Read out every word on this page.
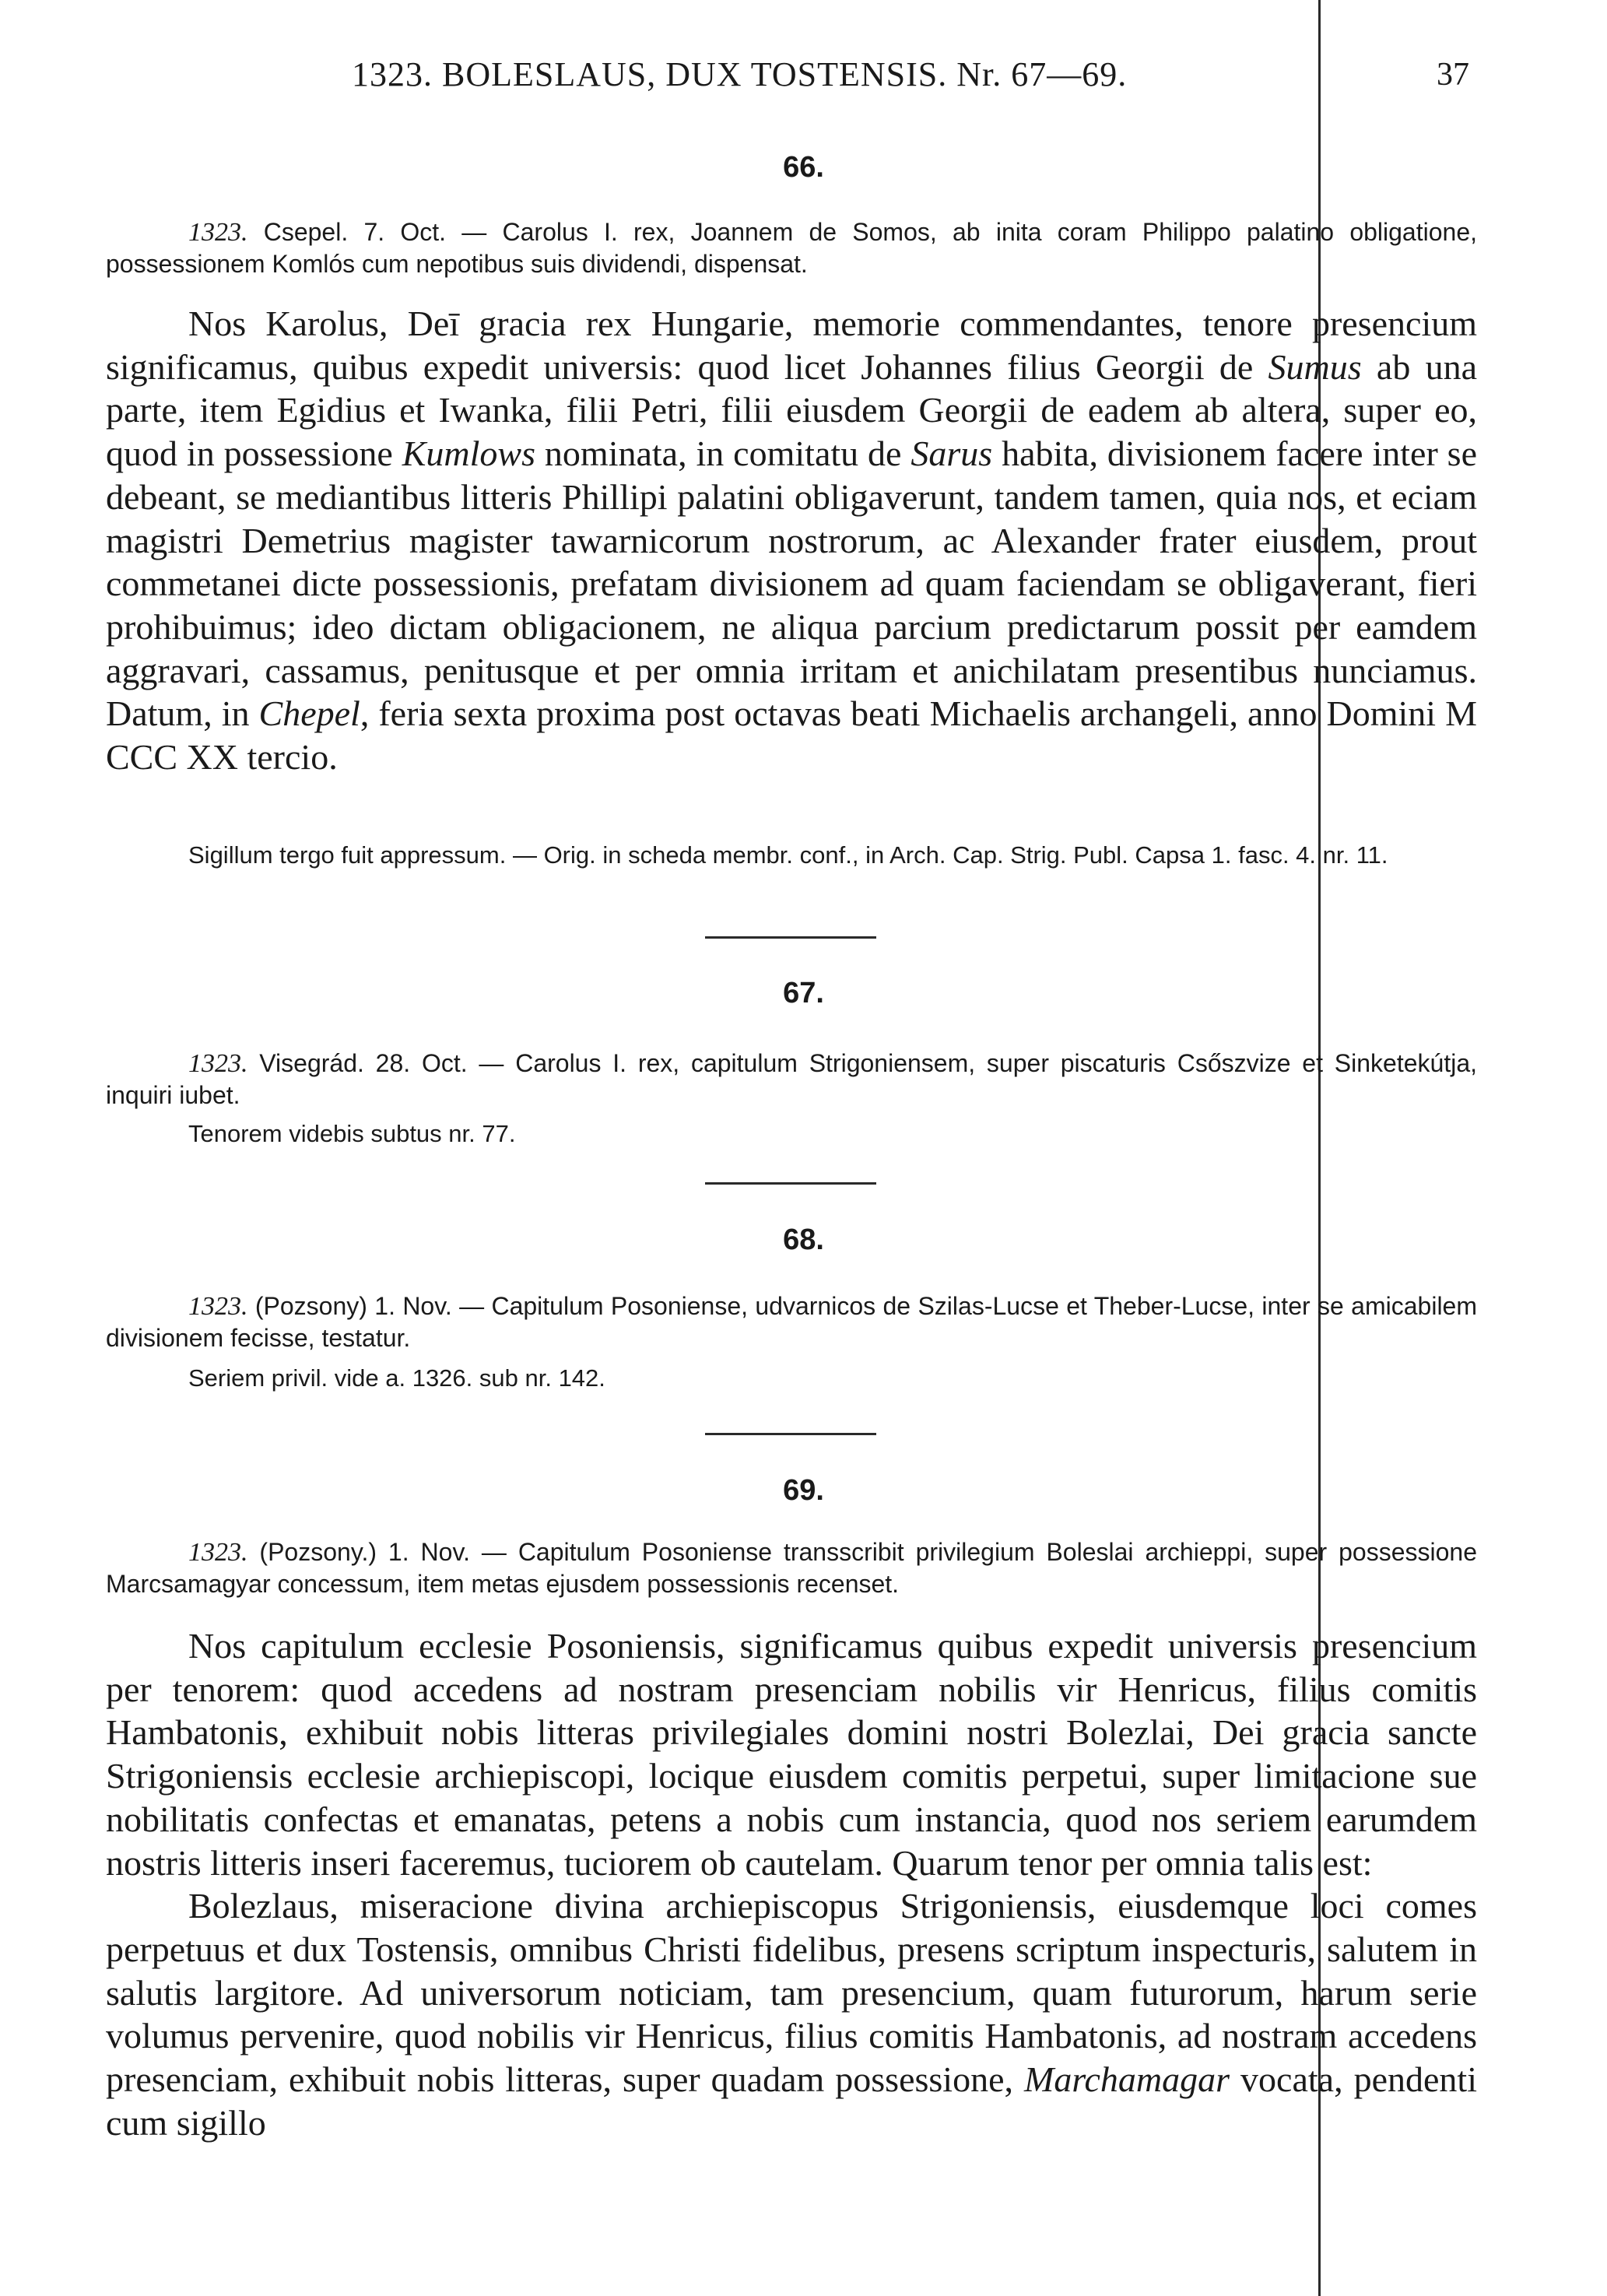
1323. BOLESLAUS, DUX TOSTENSIS. Nr. 67—69.	37
66.
1323. Csepel. 7. Oct. — Carolus I. rex, Joannem de Somos, ab inita coram Philippo palatino obligatione, possessionem Komlós cum nepotibus suis dividendi, dispensat.
Nos Karolus, Deī gracia rex Hungarie, memorie commendantes, tenore presencium significamus, quibus expedit universis: quod licet Johannes filius Georgii de Sumus ab una parte, item Egidius et Iwanka, filii Petri, filii eiusdem Georgii de eadem ab altera, super eo, quod in possessione Kumlows nominata, in comitatu de Sarus habita, divisionem facere inter se debeant, se mediantibus litteris Phillipi palatini obligaverunt, tandem tamen, quia nos, et eciam magistri Demetrius magister tawarnicorum nostrorum, ac Alexander frater eiusdem, prout commetanei dicte possessionis, prefatam divisionem ad quam faciendam se obligaverant, fieri prohibuimus; ideo dictam obligacionem, ne aliqua parcium predictarum possit per eamdem aggravari, cassamus, penitusque et per omnia irritam et anichilatam presentibus nunciamus. Datum, in Chepel, feria sexta proxima post octavas beati Michaelis archangeli, anno Domini M CCC XX tercio.
Sigillum tergo fuit appressum. — Orig. in scheda membr. conf., in Arch. Cap. Strig. Publ. Capsa 1. fasc. 4. nr. 11.
67.
1323. Visegrád. 28. Oct. — Carolus I. rex, capitulum Strigoniensem, super piscaturis Csőszvize et Sinketekútja, inquiri iubet.
Tenorem videbis subtus nr. 77.
68.
1323. (Pozsony) 1. Nov. — Capitulum Posoniense, udvarnicos de Szilas-Lucse et Theber-Lucse, inter se amicabilem divisionem fecisse, testatur.
Seriem privil. vide a. 1326. sub nr. 142.
69.
1323. (Pozsony.) 1. Nov. — Capitulum Posoniense transscribit privilegium Boleslai archieppi, super possessione Marcsamagyar concessum, item metas ejusdem possessionis recenset.

Nos capitulum ecclesie Posoniensis, significamus quibus expedit universis presencium per tenorem: quod accedens ad nostram presenciam nobilis vir Henricus, filius comitis Hambatonis, exhibuit nobis litteras privilegiales domini nostri Bolezlai, Dei gracia sancte Strigoniensis ecclesie archiepiscopi, locique eiusdem comitis perpetui, super limitacione sue nobilitatis confectas et emanatas, petens a nobis cum instancia, quod nos seriem earumdem nostris litteris inseri faceremus, tuciorem ob cautelam. Quarum tenor per omnia talis est:

Bolezlaus, miseracione divina archiepiscopus Strigoniensis, eiusdemque loci comes perpetuus et dux Tostensis, omnibus Christi fidelibus, presens scriptum inspecturis, salutem in salutis largitore. Ad universorum noticiam, tam presencium, quam futurorum, harum serie volumus pervenire, quod nobilis vir Henricus, filius comitis Hambatonis, ad nostram accedens presenciam, exhibuit nobis litteras, super quadam possessione, Marchamagar vocata, pendenti cum sigillo
